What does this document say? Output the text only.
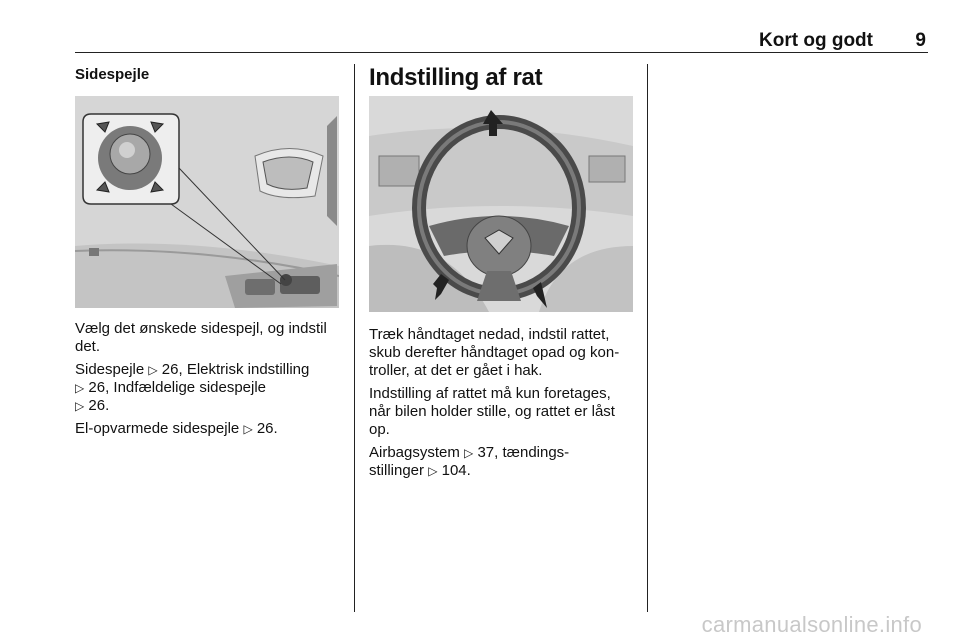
Kort og godt 9
Sidespejle

Vælg det ønskede sidespejl, og indstil det.

Sidespejle ▷ 26, Elektrisk indstilling
▷ 26, Indfældelige sidespejle
▷ 26.

El-opvarmede sidespejle ▷ 26.

Indstilling af rat

Træk håndtaget nedad, indstil rattet, skub derefter håndtaget opad og kontroller, at det er gået i hak.

Indstilling af rattet må kun foretages, når bilen holder stille, og rattet er låst op.

Airbagsystem ▷ 37, tændings-
stillinger ▷ 104.

carmanualsonline.info
